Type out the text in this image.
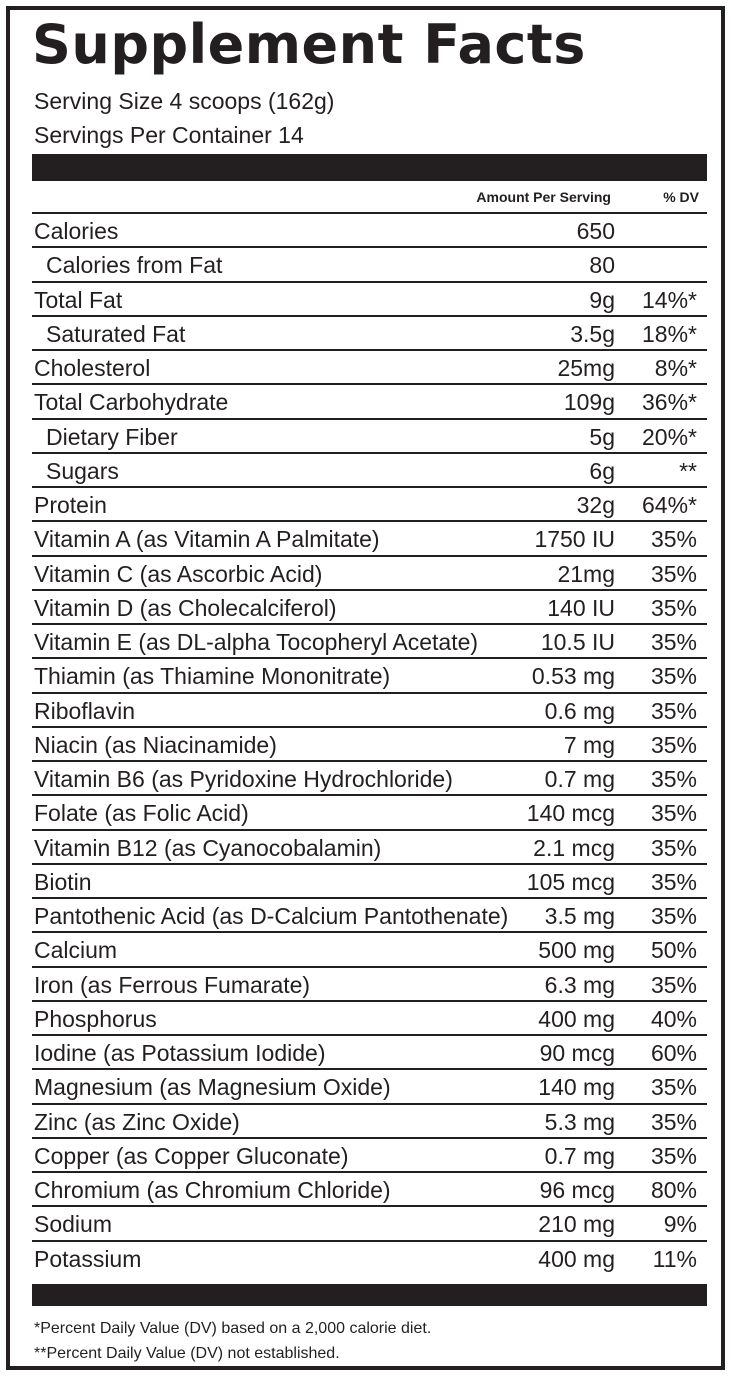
Supplement Facts
Serving Size 4 scoops (162g)
Servings Per Container 14
Amount Per Serving	% DV
Calories	650
Calories from Fat	80
Total Fat	9g 14%*
Saturated Fat	3.5g 18%*
Cholesterol	25mg 8%*
Total Carbohydrate	109g 36%*
Dietary Fiber	5g 20%*
Sugars	6g	**
Protein	32g 64%*
Vitamin A (as Vitamin A Palmitate)	1750 IU 35%
Vitamin C (as Ascorbic Acid)	21mg 35%
Vitamin D (as Cholecalciferol)	140 IU 35%
Vitamin E (as DL-alpha Tocopheryl Acetate)	10.5 IU 35%
Thiamin (as Thiamine Mononitrate)	0.53 mg 35%
Riboflavin	0.6 mg 35%
Niacin (as Niacinamide)	7 mg 35%
Vitamin B6 (as Pyridoxine Hydrochloride)	0.7 mg 35%
Folate (as Folic Acid)	140 mcg 35%
Vitamin B12 (as Cyanocobalamin)	2.1 mcg 35%
Biotin	105 mcg 35%
Pantothenic Acid (as D-Calcium Pantothenate) 3.5 mg 35%
Calcium	500 mg 50%
Iron (as Ferrous Fumarate)	6.3 mg 35%
Phosphorus	400 mg 40%
Iodine (as Potassium Iodide)	90 mcg 60%
Magnesium (as Magnesium Oxide)	140 mg 35%
Zinc (as Zinc Oxide)	5.3 mg 35%
Copper (as Copper Gluconate)	0.7 mg 35%
Chromium (as Chromium Chloride)	96 mcg 80%
Sodium	210 mg 9%
Potassium	400 mg 11%
*Percent Daily Value (DV) based on a 2,000 calorie diet.
**Percent Daily Value (DV) not established.
